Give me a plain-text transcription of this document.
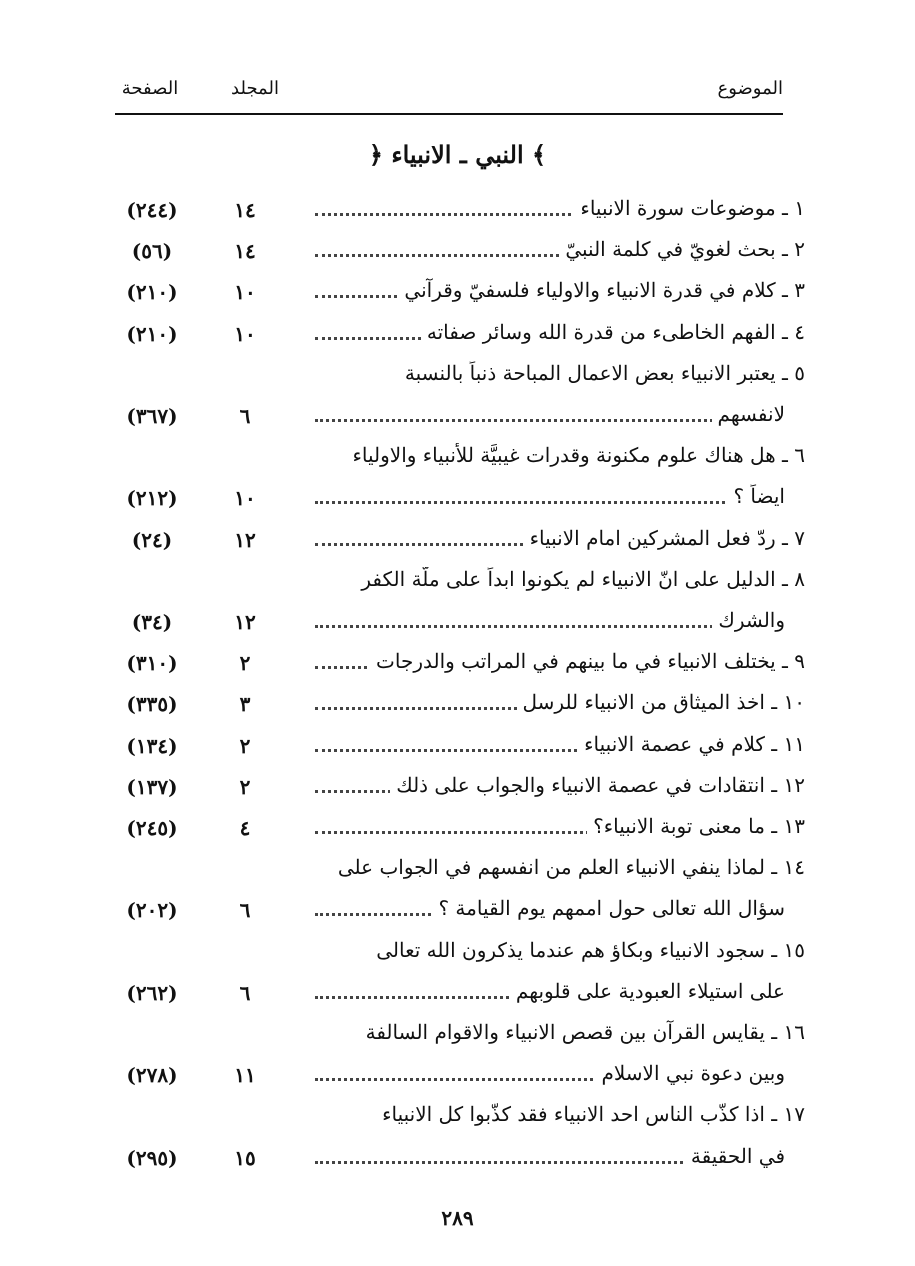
الموضوع
المجلد
الصفحة
﴿ النبي ـ الانبياء ﴾
١ ـ موضوعات سورة الانبياء
١٤
(٢٤٤)
٢ ـ بحث لغويّ في كلمة النبيّ
١٤
(٥٦)
٣ ـ كلام في قدرة الانبياء والاولياء فلسفيّ وقرآني
١٠
(٢١٠)
٤ ـ الفهم الخاطىء من قدرة الله وسائر صفاته
١٠
(٢١٠)
٥ ـ يعتبر الانبياء بعض الاعمال المباحة ذنباً بالنسبة
لانفسهم
٦
(٣٦٧)
٦ ـ هل هناك علوم مكنونة وقدرات غيبيَّة للأنبياء والاولياء
ايضاً ؟
١٠
(٢١٢)
٧ ـ ردّ فعل المشركين امام الانبياء
١٢
(٢٤)
٨ ـ الدليل على انّ الانبياء لم يكونوا ابداً على ملّة الكفر
والشرك
١٢
(٣٤)
٩ ـ يختلف الانبياء في ما بينهم في المراتب والدرجات
٢
(٣١٠)
١٠ ـ اخذ الميثاق من الانبياء للرسل
٣
(٣٣٥)
١١ ـ كلام في عصمة الانبياء
٢
(١٣٤)
١٢ ـ انتقادات في عصمة الانبياء والجواب على ذلك
٢
(١٣٧)
١٣ ـ ما معنى توبة الانبياء؟
٤
(٢٤٥)
١٤ ـ لماذا ينفي الانبياء العلم من انفسهم في الجواب على
سؤال الله تعالى حول اممهم يوم القيامة ؟
٦
(٢٠٢)
١٥ ـ سجود الانبياء وبكاؤ هم عندما يذكرون الله تعالى
على استيلاء العبودية على قلوبهم
٦
(٢٦٢)
١٦ ـ يقايس القرآن بين قصص الانبياء والاقوام السالفة
وبين دعوة نبي الاسلام
١١
(٢٧٨)
١٧ ـ اذا كذّب الناس احد الانبياء فقد كذّبوا كل الانبياء
في الحقيقة
١٥
(٢٩٥)
٢٨٩
